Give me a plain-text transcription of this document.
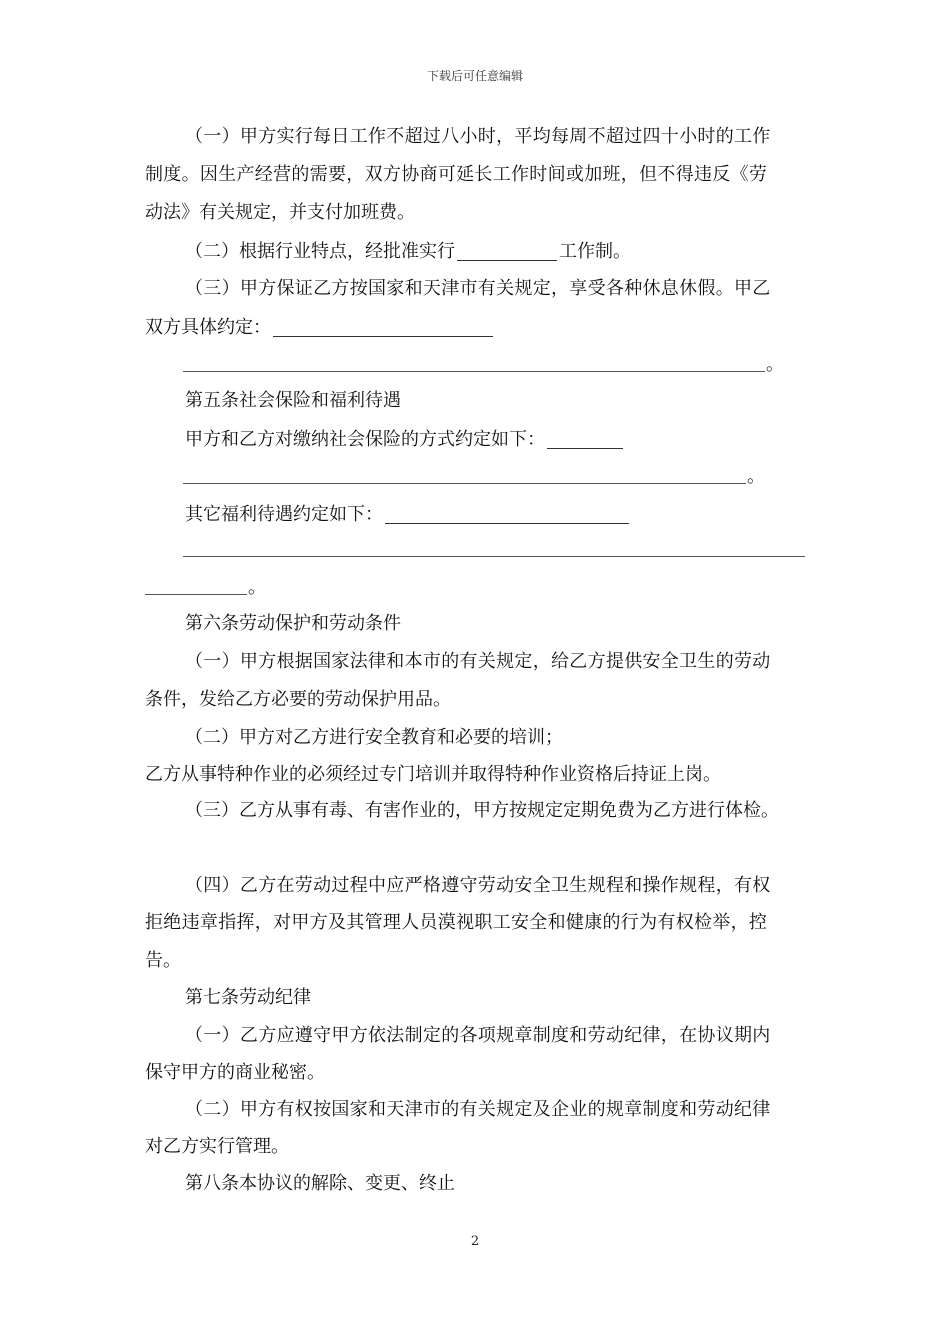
下载后可任意编辑
（一）甲方实行每日工作不超过八小时，平均每周不超过四十小时的工作
制度。因生产经营的需要，双方协商可延长工作时间或加班，但不得违反《劳
动法》有关规定，并支付加班费。
（二）根据行业特点，经批准实行	工作制。
（三）甲方保证乙方按国家和天津市有关规定，享受各种休息休假。甲乙
双方具体约定：
。
第五条社会保险和福利待遇
甲方和乙方对缴纳社会保险的方式约定如下：
。
其它福利待遇约定如下：
。
第六条劳动保护和劳动条件
（一）甲方根据国家法律和本市的有关规定，给乙方提供安全卫生的劳动
条件，发给乙方必要的劳动保护用品。
（二）甲方对乙方进行安全教育和必要的培训；
乙方从事特种作业的必须经过专门培训并取得特种作业资格后持证上岗。
（三）乙方从事有毒、有害作业的，甲方按规定定期免费为乙方进行体检。
（四）乙方在劳动过程中应严格遵守劳动安全卫生规程和操作规程，有权
拒绝违章指挥，对甲方及其管理人员漠视职工安全和健康的行为有权检举，控
告。
第七条劳动纪律
（一）乙方应遵守甲方依法制定的各项规章制度和劳动纪律，在协议期内
保守甲方的商业秘密。
（二）甲方有权按国家和天津市的有关规定及企业的规章制度和劳动纪律
对乙方实行管理。
第八条本协议的解除、变更、终止
2
